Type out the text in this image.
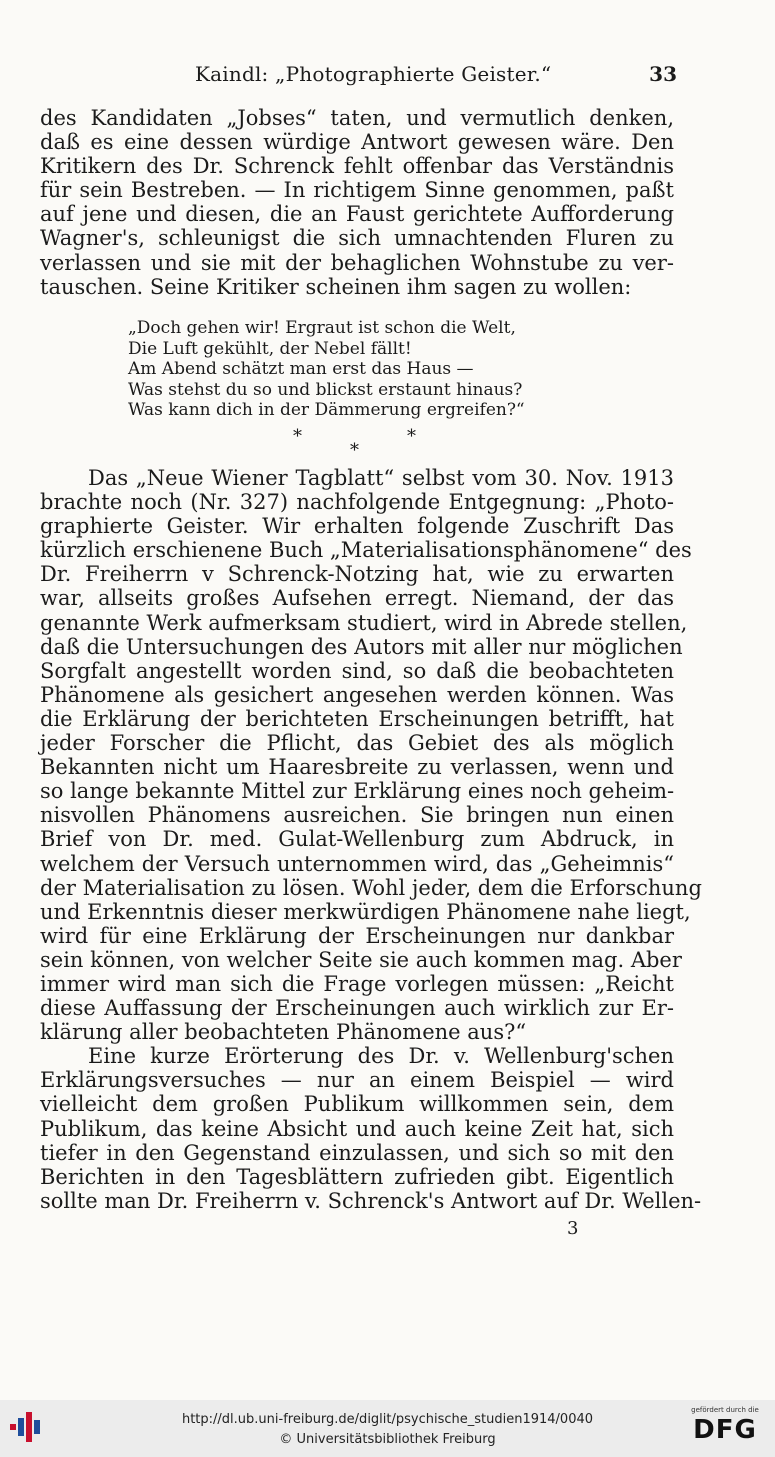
Kaindl: „Photographierte Geister.“	33
des Kandidaten „Jobses“ taten, und vermutlich denken,
daß es eine dessen würdige Antwort gewesen wäre. Den
Kritikern des Dr. Schrenck fehlt offenbar das Verständnis
für sein Bestreben. — In richtigem Sinne genommen, paßt
auf jene und diesen, die an Faust gerichtete Aufforderung
Wagner's, schleunigst die sich umnachtenden Fluren zu
verlassen und sie mit der behaglichen Wohnstube zu ver-
tauschen. Seine Kritiker scheinen ihm sagen zu wollen:
„Doch gehen wir! Ergraut ist schon die Welt,
Die Luft gekühlt, der Nebel fällt!
Am Abend schätzt man erst das Haus —
Was stehst du so und blickst erstaunt hinaus?
Was kann dich in der Dämmerung ergreifen?“
*	*
*
Das „Neue Wiener Tagblatt“ selbst vom 30. Nov. 1913
brachte noch (Nr. 327) nachfolgende Entgegnung: „Photo-
graphierte Geister. Wir erhalten folgende Zuschrift Das
kürzlich erschienene Buch „Materialisationsphänomene“ des
Dr. Freiherrn v Schrenck-Notzing hat, wie zu erwarten
war, allseits großes Aufsehen erregt. Niemand, der das
genannte Werk aufmerksam studiert, wird in Abrede stellen,
daß die Untersuchungen des Autors mit aller nur möglichen
Sorgfalt angestellt worden sind, so daß die beobachteten
Phänomene als gesichert angesehen werden können. Was
die Erklärung der berichteten Erscheinungen betrifft, hat
jeder Forscher die Pflicht, das Gebiet des als möglich
Bekannten nicht um Haaresbreite zu verlassen, wenn und
so lange bekannte Mittel zur Erklärung eines noch geheim-
nisvollen Phänomens ausreichen. Sie bringen nun einen
Brief von Dr. med. Gulat-Wellenburg zum Abdruck, in
welchem der Versuch unternommen wird, das „Geheimnis“
der Materialisation zu lösen. Wohl jeder, dem die Erforschung
und Erkenntnis dieser merkwürdigen Phänomene nahe liegt,
wird für eine Erklärung der Erscheinungen nur dankbar
sein können, von welcher Seite sie auch kommen mag. Aber
immer wird man sich die Frage vorlegen müssen: „Reicht
diese Auffassung der Erscheinungen auch wirklich zur Er-
klärung aller beobachteten Phänomene aus?“
Eine kurze Erörterung des Dr. v. Wellenburg'schen
Erklärungsversuches — nur an einem Beispiel — wird
vielleicht dem großen Publikum willkommen sein, dem
Publikum, das keine Absicht und auch keine Zeit hat, sich
tiefer in den Gegenstand einzulassen, und sich so mit den
Berichten in den Tagesblättern zufrieden gibt. Eigentlich
sollte man Dr. Freiherrn v. Schrenck's Antwort auf Dr. Wellen-
3
http://dl.ub.uni-freiburg.de/diglit/psychische_studien1914/0040
© Universitätsbibliothek Freiburg
gefördert durch die
DFG
